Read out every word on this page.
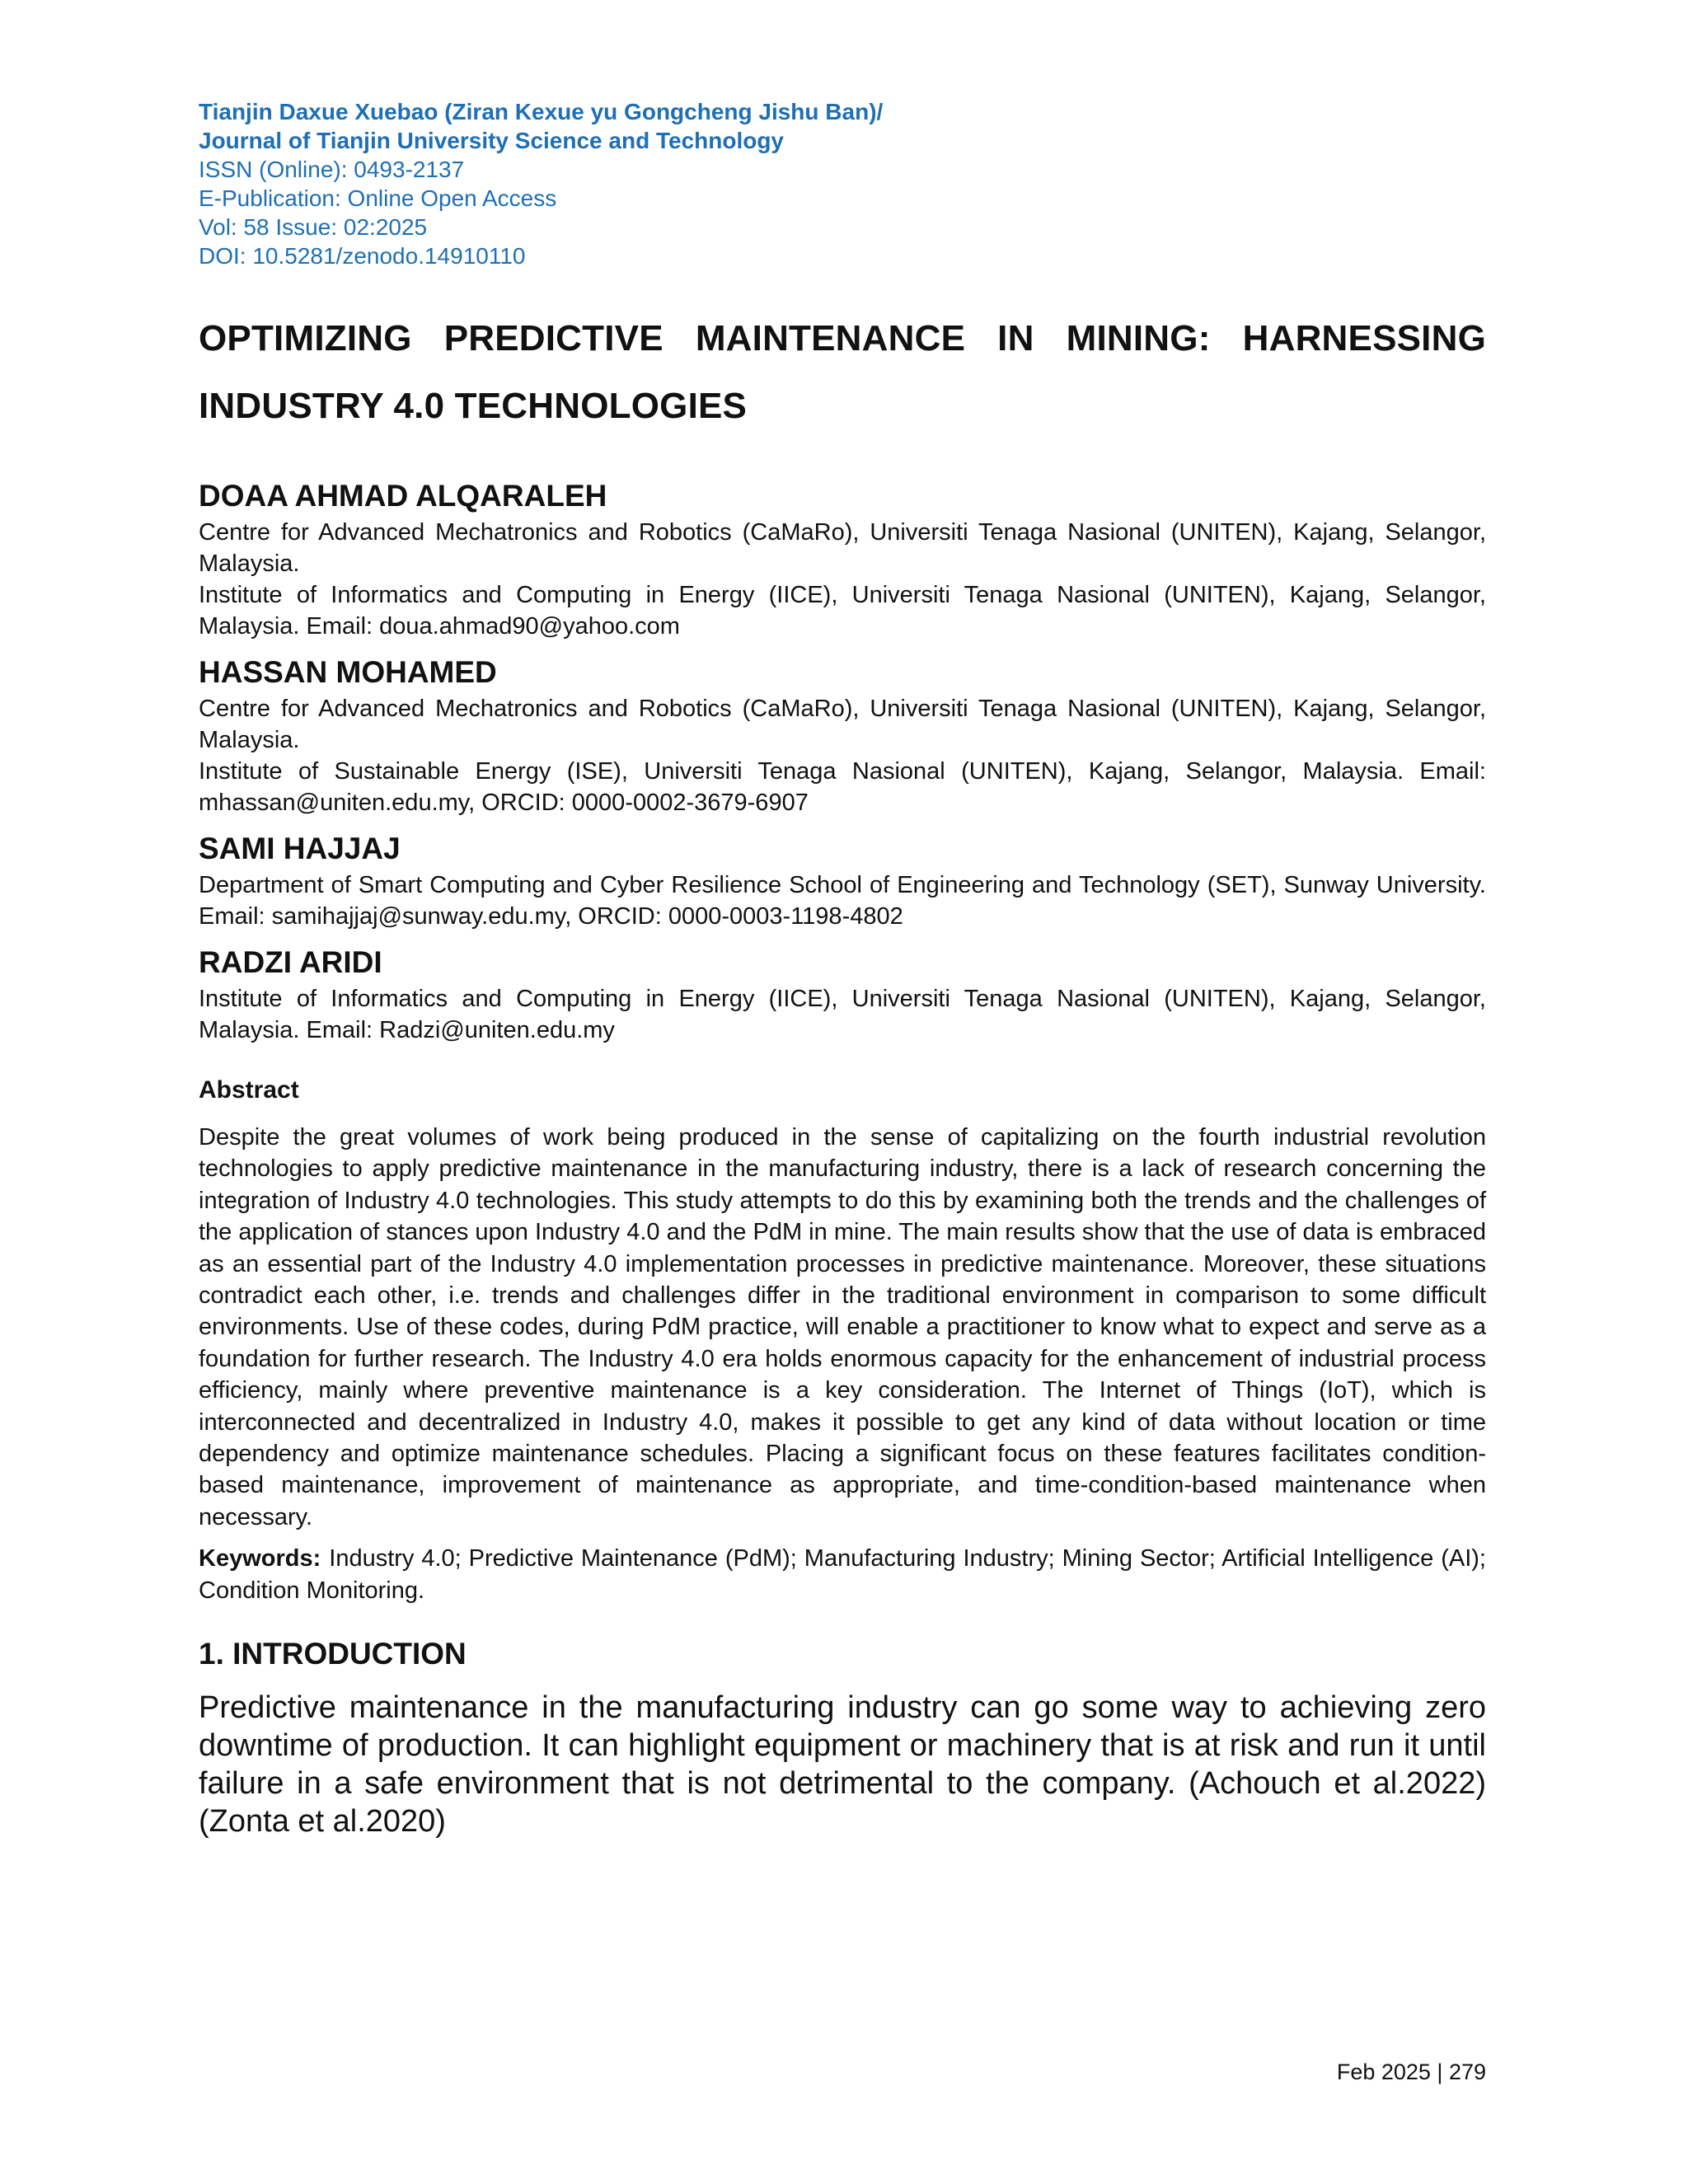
Tianjin Daxue Xuebao (Ziran Kexue yu Gongcheng Jishu Ban)/
Journal of Tianjin University Science and Technology
ISSN (Online): 0493-2137
E-Publication: Online Open Access
Vol: 58 Issue: 02:2025
DOI: 10.5281/zenodo.14910110
OPTIMIZING PREDICTIVE MAINTENANCE IN MINING: HARNESSING INDUSTRY 4.0 TECHNOLOGIES
DOAA AHMAD ALQARALEH
Centre for Advanced Mechatronics and Robotics (CaMaRo), Universiti Tenaga Nasional (UNITEN), Kajang, Selangor, Malaysia.
Institute of Informatics and Computing in Energy (IICE), Universiti Tenaga Nasional (UNITEN), Kajang, Selangor, Malaysia. Email: doua.ahmad90@yahoo.com
HASSAN MOHAMED
Centre for Advanced Mechatronics and Robotics (CaMaRo), Universiti Tenaga Nasional (UNITEN), Kajang, Selangor, Malaysia.
Institute of Sustainable Energy (ISE), Universiti Tenaga Nasional (UNITEN), Kajang, Selangor, Malaysia. Email: mhassan@uniten.edu.my, ORCID: 0000-0002-3679-6907
SAMI HAJJAJ
Department of Smart Computing and Cyber Resilience School of Engineering and Technology (SET), Sunway University. Email: samihajjaj@sunway.edu.my, ORCID: 0000-0003-1198-4802
RADZI ARIDI
Institute of Informatics and Computing in Energy (IICE), Universiti Tenaga Nasional (UNITEN), Kajang, Selangor, Malaysia. Email: Radzi@uniten.edu.my
Abstract
Despite the great volumes of work being produced in the sense of capitalizing on the fourth industrial revolution technologies to apply predictive maintenance in the manufacturing industry, there is a lack of research concerning the integration of Industry 4.0 technologies. This study attempts to do this by examining both the trends and the challenges of the application of stances upon Industry 4.0 and the PdM in mine. The main results show that the use of data is embraced as an essential part of the Industry 4.0 implementation processes in predictive maintenance. Moreover, these situations contradict each other, i.e. trends and challenges differ in the traditional environment in comparison to some difficult environments. Use of these codes, during PdM practice, will enable a practitioner to know what to expect and serve as a foundation for further research. The Industry 4.0 era holds enormous capacity for the enhancement of industrial process efficiency, mainly where preventive maintenance is a key consideration. The Internet of Things (IoT), which is interconnected and decentralized in Industry 4.0, makes it possible to get any kind of data without location or time dependency and optimize maintenance schedules. Placing a significant focus on these features facilitates condition-based maintenance, improvement of maintenance as appropriate, and time-condition-based maintenance when necessary.
Keywords: Industry 4.0; Predictive Maintenance (PdM); Manufacturing Industry; Mining Sector; Artificial Intelligence (AI); Condition Monitoring.
1. INTRODUCTION
Predictive maintenance in the manufacturing industry can go some way to achieving zero downtime of production. It can highlight equipment or machinery that is at risk and run it until failure in a safe environment that is not detrimental to the company. (Achouch et al.2022) (Zonta et al.2020)
Feb 2025 | 279
